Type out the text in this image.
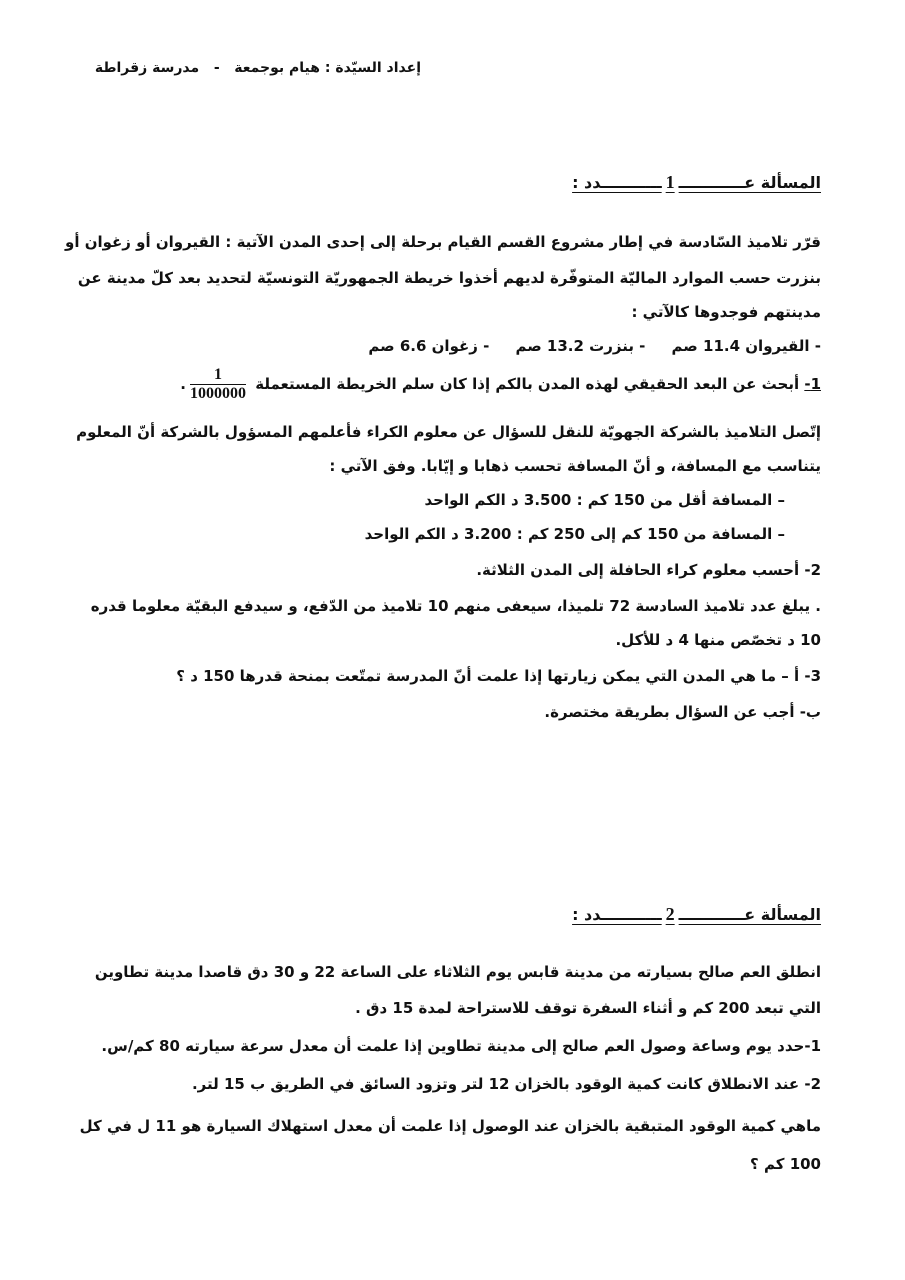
إعداد السيّدة : هيام بوجمعة   -   مدرسة زقراطة
المسألة عــــــــــــ1ـــــــــــدد :
قرّر تلاميذ السّادسة في إطار مشروع القسم القيام برحلة إلى إحدى المدن الآتية : القيروان أو زغوان أو
بنزرت حسب الموارد الماليّة المتوفّرة لديهم أخذوا خريطة الجمهوريّة التونسيّة لتحديد بعد كلّ مدينة عن
مدينتهم فوجدوها كالآتي :
- القيروان 11.4 صم     - بنزرت 13.2 صم     - زغوان 6.6 صم
1- أبحث عن البعد الحقيقي لهذه المدن بالكم إذا كان سلم الخريطة المستعملة
$\frac{1}{1000000}$
.
إتّصل التلاميذ بالشركة الجهويّة للنقل للسؤال عن معلوم الكراء فأعلمهم المسؤول بالشركة أنّ المعلوم
يتناسب مع المسافة، و أنّ المسافة تحسب ذهابا و إيّابا. وفق الآتي :
– المسافة أقل من 150 كم : 3.500 د الكم الواحد
– المسافة من 150 كم إلى 250 كم : 3.200 د الكم الواحد
2- أحسب معلوم كراء الحافلة إلى المدن الثلاثة.
. يبلغ عدد تلاميذ السادسة 72 تلميذا، سيعفى منهم 10 تلاميذ من الدّفع، و سيدفع البقيّة معلوما قدره
10 د تخصّص منها 4 د للأكل.
3- أ – ما هي المدن التي يمكن زيارتها إذا علمت أنّ المدرسة تمتّعت بمنحة قدرها 150 د ؟
ب- أجب عن السؤال بطريقة مختصرة.
المسألة عــــــــــــ2ـــــــــــدد :
انطلق العم صالح بسيارته من مدينة قابس يوم الثلاثاء على الساعة 22 و 30 دق قاصدا مدينة تطاوين
التي تبعد 200 كم و أثناء السفرة توقف للاستراحة لمدة 15 دق .
1-حدد يوم وساعة وصول العم صالح إلى مدينة تطاوين إذا علمت أن معدل سرعة سيارته 80 كم/س.
2- عند الانطلاق كانت كمية الوقود بالخزان 12 لتر وتزود السائق في الطريق ب 15 لتر.
ماهي كمية الوقود المتبقية بالخزان عند الوصول إذا علمت أن معدل استهلاك السيارة هو 11 ل في كل
100 كم ؟
